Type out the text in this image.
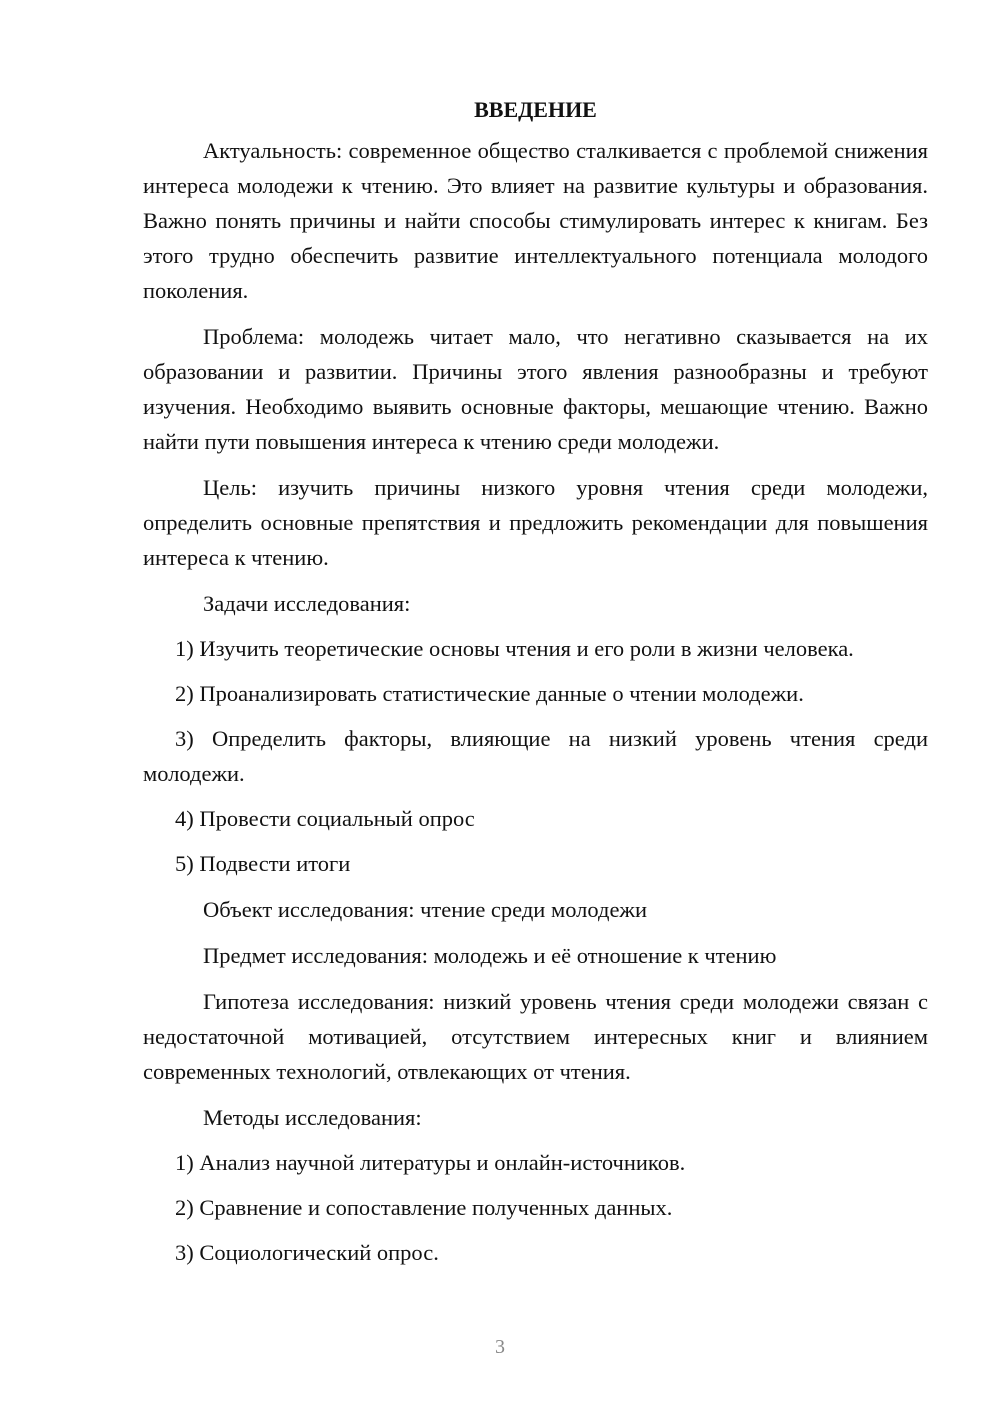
ВВЕДЕНИЕ

Актуальность: современное общество сталкивается с проблемой снижения интереса молодежи к чтению. Это влияет на развитие культуры и образования. Важно понять причины и найти способы стимулировать интерес к книгам. Без этого трудно обеспечить развитие интеллектуального потенциала молодого поколения.

Проблема: молодежь читает мало, что негативно сказывается на их образовании и развитии. Причины этого явления разнообразны и требуют изучения. Необходимо выявить основные факторы, мешающие чтению. Важно найти пути повышения интереса к чтению среди молодежи.

Цель: изучить причины низкого уровня чтения среди молодежи, определить основные препятствия и предложить рекомендации для повышения интереса к чтению.

Задачи исследования:

1) Изучить теоретические основы чтения и его роли в жизни человека.

2) Проанализировать статистические данные о чтении молодежи.

3) Определить факторы, влияющие на низкий уровень чтения среди молодежи.

4) Провести социальный опрос

5) Подвести итоги

Объект исследования: чтение среди молодежи

Предмет исследования: молодежь и её отношение к чтению

Гипотеза исследования: низкий уровень чтения среди молодежи связан с недостаточной мотивацией, отсутствием интересных книг и влиянием современных технологий, отвлекающих от чтения.

Методы исследования:

1) Анализ научной литературы и онлайн-источников.

2) Сравнение и сопоставление полученных данных.

3) Социологический опрос.

3
